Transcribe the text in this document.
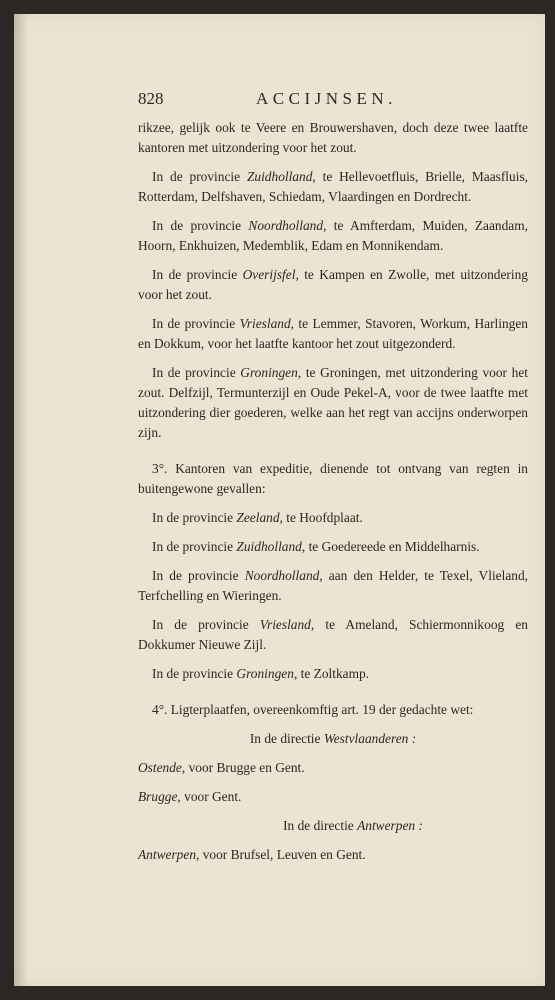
828	ACCIJNSEN.

rikzee, gelijk ook te Veere en Brouwershaven, doch deze twee laatfte kantoren met uitzondering voor het zout.

In de provincie Zuidholland, te Hellevoetfluis, Brielle, Maasfluis, Rotterdam, Delfshaven, Schiedam, Vlaardingen en Dordrecht.

In de provincie Noordholland, te Amfterdam, Muiden, Zaandam, Hoorn, Enkhuizen, Medemblik, Edam en Monnikendam.

In de provincie Overijsfel, te Kampen en Zwolle, met uitzondering voor het zout.

In de provincie Vriesland, te Lemmer, Stavoren, Workum, Harlingen en Dokkum, voor het laatfte kantoor het zout uitgezonderd.

In de provincie Groningen, te Groningen, met uitzondering voor het zout. Delfzijl, Termunterzijl en Oude Pekel-A, voor de twee laatfte met uitzondering dier goederen, welke aan het regt van accijns onderworpen zijn.

3°. Kantoren van expeditie, dienende tot ontvang van regten in buitengewone gevallen:

In de provincie Zeeland, te Hoofdplaat.

In de provincie Zuidholland, te Goedereede en Middelharnis.

In de provincie Noordholland, aan den Helder, te Texel, Vlieland, Terfchelling en Wieringen.

In de provincie Vriesland, te Ameland, Schiermonnikoog en Dokkumer Nieuwe Zijl.

In de provincie Groningen, te Zoltkamp.

4°. Ligterplaatfen, overeenkomftig art. 19 der gedachte wet:

In de directie Westvlaanderen :

Ostende, voor Brugge en Gent.

Brugge, voor Gent.

In de directie Antwerpen :

Antwerpen, voor Brufsel, Leuven en Gent.
